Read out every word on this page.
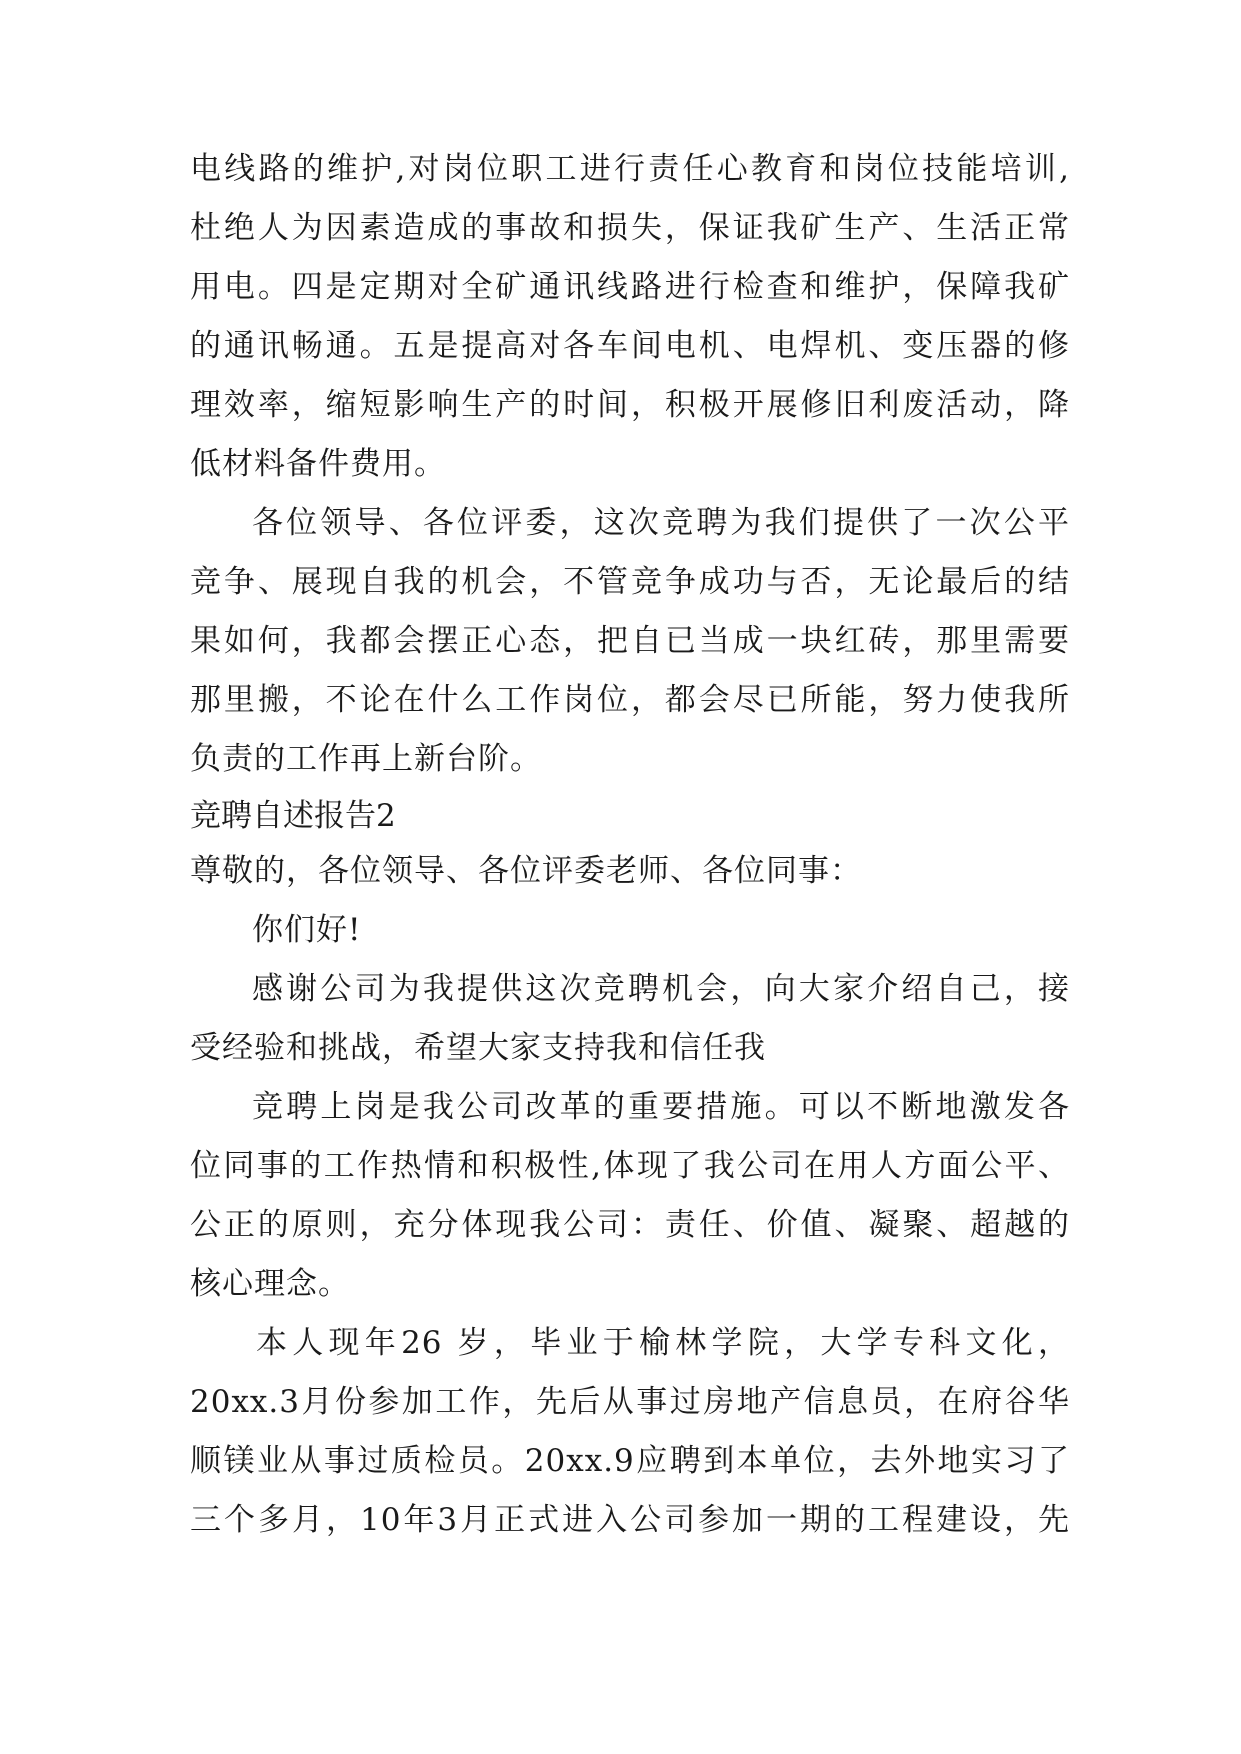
电线路的维护,对岗位职工进行责任心教育和岗位技能培训,
杜绝人为因素造成的事故和损失，保证我矿生产、生活正常
用电。四是定期对全矿通讯线路进行检查和维护，保障我矿
的通讯畅通。五是提高对各车间电机、电焊机、变压器的修
理效率，缩短影响生产的时间，积极开展修旧利废活动，降
低材料备件费用。
各位领导、各位评委，这次竞聘为我们提供了一次公平
竞争、展现自我的机会，不管竞争成功与否，无论最后的结
果如何，我都会摆正心态，把自已当成一块红砖，那里需要
那里搬，不论在什么工作岗位，都会尽已所能，努力使我所
负责的工作再上新台阶。
竞聘自述报告2
尊敬的，各位领导、各位评委老师、各位同事：
你们好!
感谢公司为我提供这次竞聘机会，向大家介绍自己，接
受经验和挑战，希望大家支持我和信任我
竞聘上岗是我公司改革的重要措施。可以不断地激发各
位同事的工作热情和积极性,体现了我公司在用人方面公平、
公正的原则，充分体现我公司：责任、价值、凝聚、超越的
核心理念。
本人现年26 岁，毕业于榆林学院，大学专科文化，
20xx.3月份参加工作，先后从事过房地产信息员，在府谷华
顺镁业从事过质检员。20xx.9应聘到本单位，去外地实习了
三个多月，10年3月正式进入公司参加一期的工程建设，先
